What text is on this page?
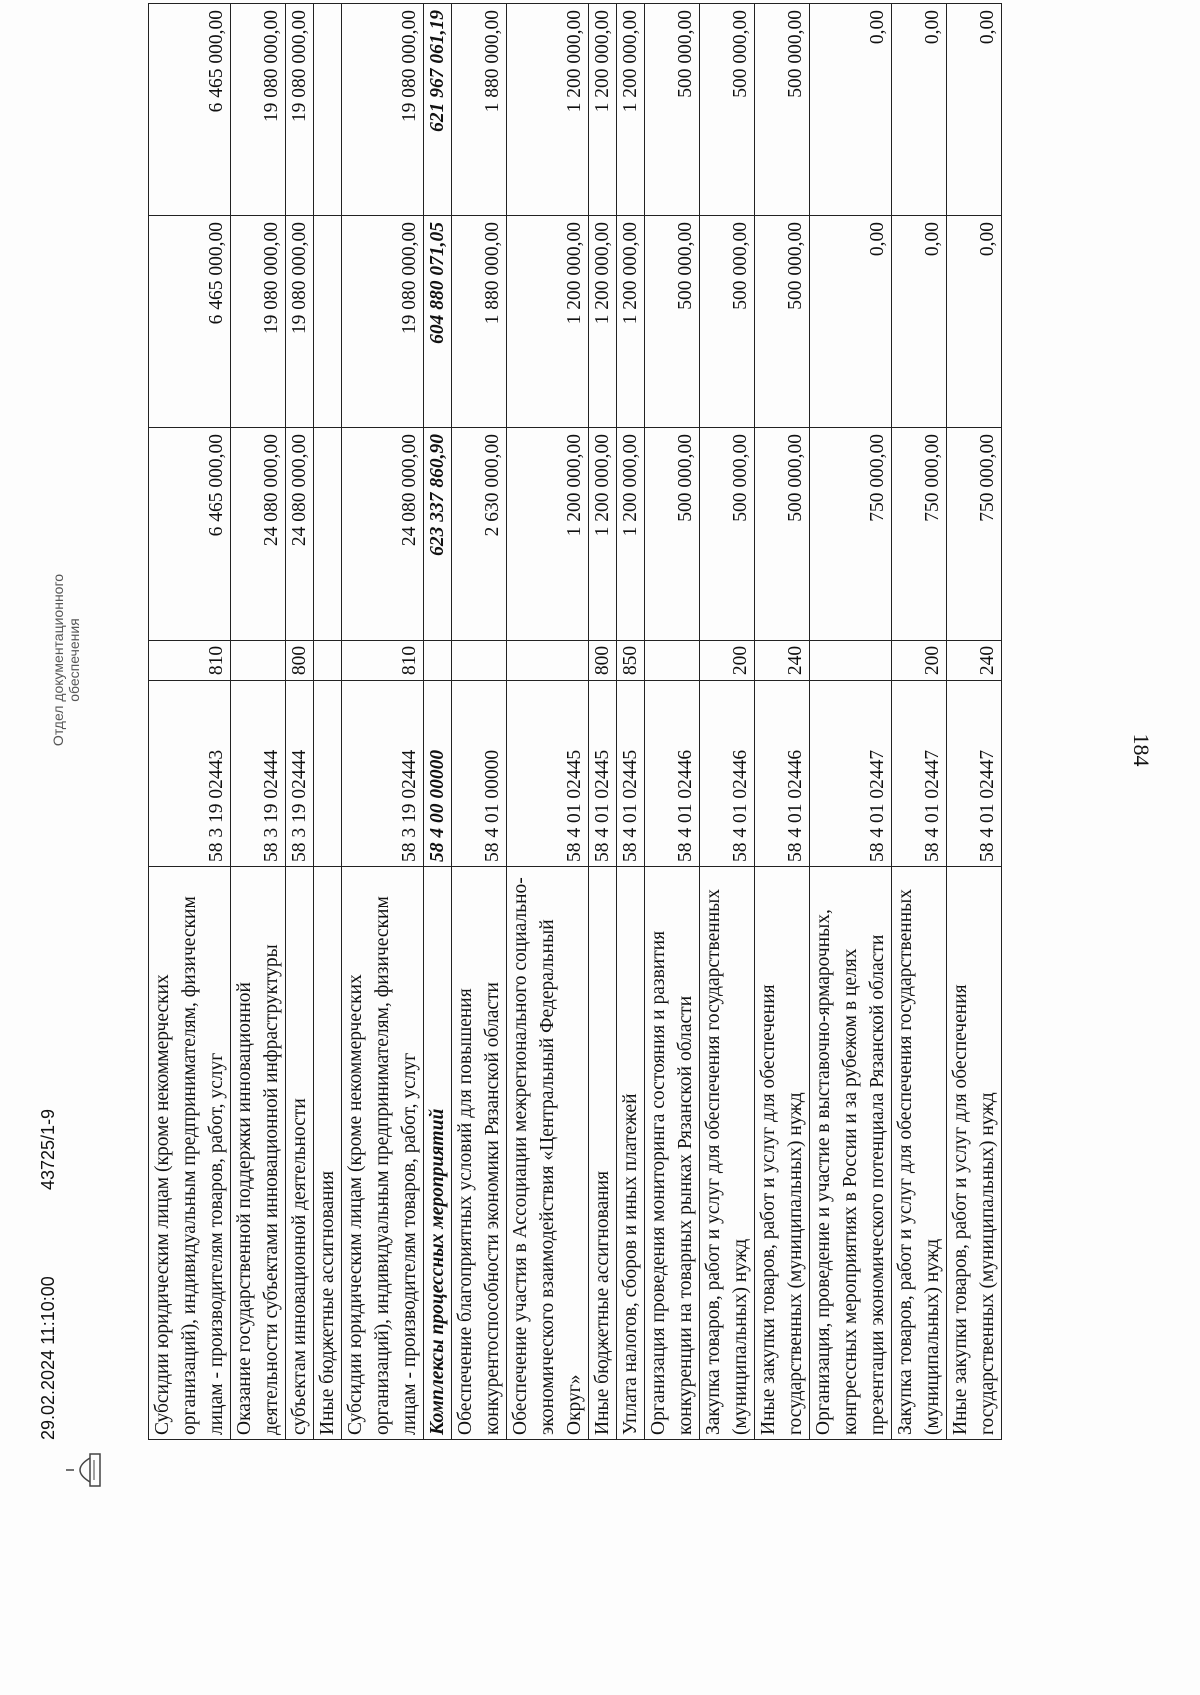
29.02.2024 11:10:00
43725/1-9
Отдел документационного обеспечения
Субсидии юридическим лицам (кроме некоммерческих организаций), индивидуальным предпринимателям, физическим лицам - производителям товаров, работ, услуг	58 3 19 02443	810	6 465 000,00	6 465 000,00	6 465 000,00
Оказание государственной поддержки инновационной деятельности субъектами инновационной инфраструктуры	58 3 19 02444		24 080 000,00	19 080 000,00	19 080 000,00
субъектам инновационной деятельности	58 3 19 02444	800	24 080 000,00	19 080 000,00	19 080 000,00
Иные бюджетные ассигнования					
Субсидии юридическим лицам (кроме некоммерческих организаций), индивидуальным предпринимателям, физическим лицам - производителям товаров, работ, услуг	58 3 19 02444	810	24 080 000,00	19 080 000,00	19 080 000,00
Комплексы процессных мероприятий	58 4 00 00000		623 337 860,90	604 880 071,05	621 967 061,19
Обеспечение благоприятных условий для повышения конкурентоспособности экономики Рязанской области	58 4 01 00000		2 630 000,00	1 880 000,00	1 880 000,00
Обеспечение участия в Ассоциации межрегионального социально-экономического взаимодействия «Центральный Федеральный Округ»	58 4 01 02445		1 200 000,00	1 200 000,00	1 200 000,00
Иные бюджетные ассигнования	58 4 01 02445	800	1 200 000,00	1 200 000,00	1 200 000,00
Уплата налогов, сборов и иных платежей	58 4 01 02445	850	1 200 000,00	1 200 000,00	1 200 000,00
Организация проведения мониторинга состояния и развития конкуренции на товарных рынках Рязанской области	58 4 01 02446		500 000,00	500 000,00	500 000,00
Закупка товаров, работ и услуг для обеспечения государственных (муниципальных) нужд	58 4 01 02446	200	500 000,00	500 000,00	500 000,00
Иные закупки товаров, работ и услуг для обеспечения государственных (муниципальных) нужд	58 4 01 02446	240	500 000,00	500 000,00	500 000,00
Организация, проведение и участие в выставочно-ярмарочных, конгрессных мероприятиях в России и за рубежом в целях презентации экономического потенциала Рязанской области	58 4 01 02447		750 000,00	0,00	0,00
Закупка товаров, работ и услуг для обеспечения государственных (муниципальных) нужд	58 4 01 02447	200	750 000,00	0,00	0,00
Иные закупки товаров, работ и услуг для обеспечения государственных (муниципальных) нужд	58 4 01 02447	240	750 000,00	0,00	0,00
184
